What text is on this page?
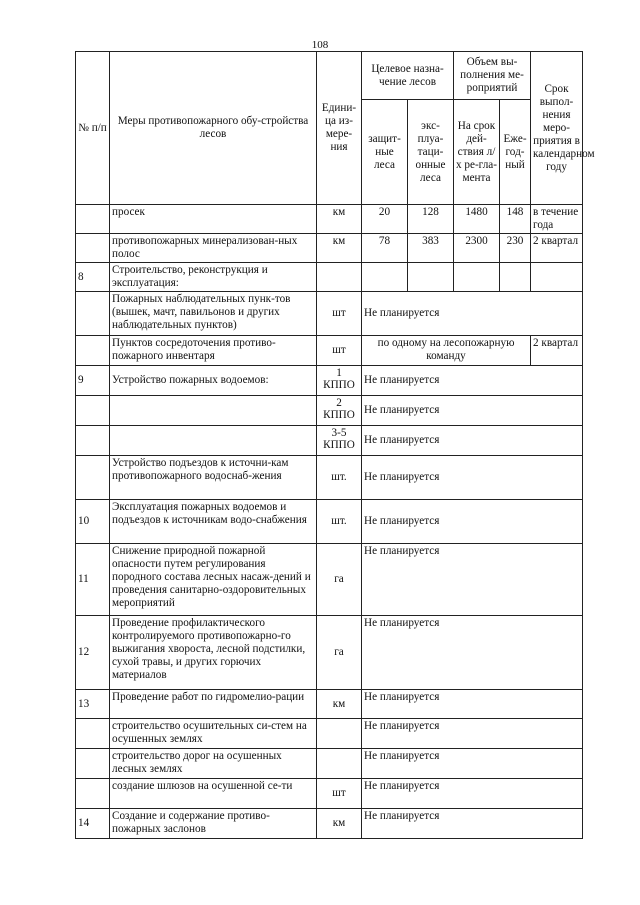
108
№ п/п	Меры противопожарного обу-стройства лесов	Едини-ца из-мере-ния	Целевое назна-чение лесов		Объем вы-полнения ме-роприятий		Срок выпол-нения меро-приятия в календарном году
			защит-ные леса	экс-плуа-таци-онные леса	На срок дей-ствия л/х ре-гла-мента	Еже-год-ный	

	просек	км	20	128	1480	148	в течение года
	противопожарных минерализован-ных полос	км	78	383	2300	230	2 квартал
8	Строительство, реконструкция и эксплуатация:						
	Пожарных наблюдательных пунк-тов (вышек, мачт, павильонов и других наблюдательных пунктов)	шт	Не планируется				
	Пунктов сосредоточения противо-пожарного инвентаря	шт	по одному на лесопожарную команду				2 квартал
9	Устройство пожарных водоемов:	1 КППО	Не планируется				
		2 КППО	Не планируется				
		3-5 КППО	Не планируется				
	Устройство подъездов к источни-кам противопожарного водоснаб-жения	шт.	Не планируется				
10	Эксплуатация пожарных водоемов и подъездов к источникам водо-снабжения	шт.	Не планируется				
11	Снижение природной пожарной опасности путем регулирования породного состава лесных насаж-дений и проведения санитарно-оздоровительных мероприятий	га	Не планируется				
12	Проведение профилактического контролируемого противопожарно-го выжигания хвороста, лесной подстилки, сухой травы, и других горючих материалов	га	Не планируется				
13	Проведение работ по гидромелио-рации	км	Не планируется				
	строительство осушительных си-стем на осушенных землях		Не планируется				
	строительство дорог на осушенных лесных землях		Не планируется				
	создание шлюзов на осушенной се-ти	шт	Не планируется				
14	Создание и содержание противо-пожарных заслонов	км	Не планируется				
